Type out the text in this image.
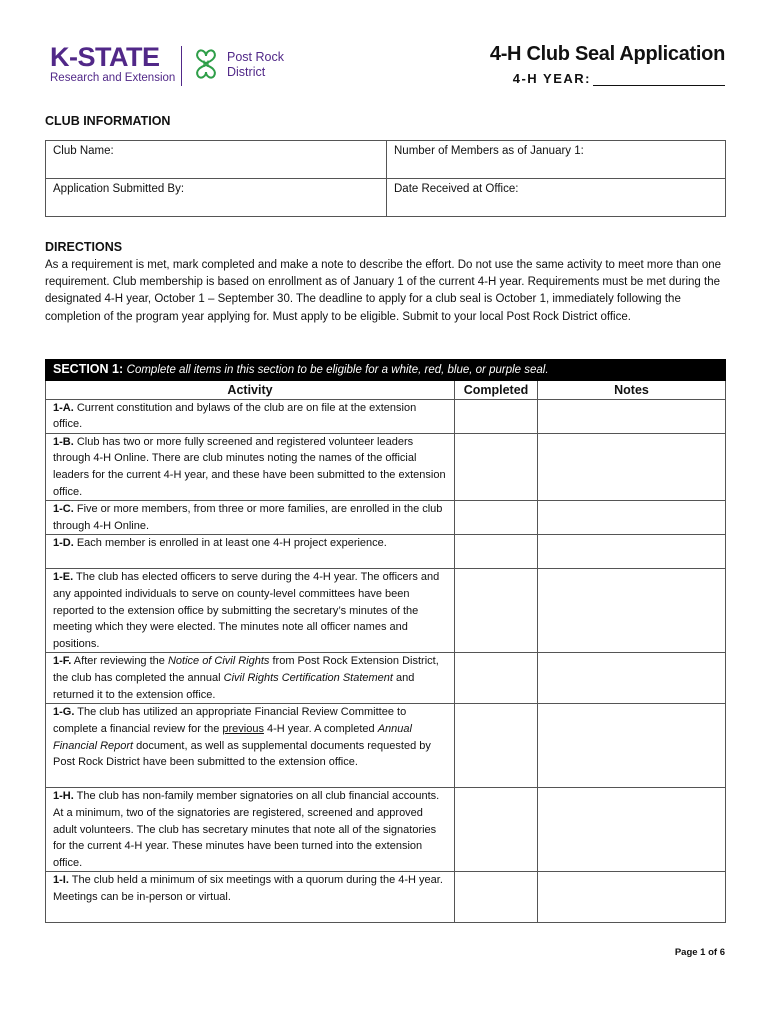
K-STATE
Research and Extension
H Post Rock
District
4-H Club Seal Application
4-H YEAR:
CLUB INFORMATION
Club Name:	Number of Members as of January 1:
Application Submitted By:	Date Received at Office:
DIRECTIONS
As a requirement is met, mark completed and make a note to describe the effort. Do not use the same activity to meet more than one requirement. Club membership is based on enrollment as of January 1 of the current 4-H year. Requirements must be met during the designated 4-H year, October 1 – September 30. The deadline to apply for a club seal is October 1, immediately following the completion of the program year applying for. Must apply to be eligible. Submit to your local Post Rock District office.
SECTION 1: Complete all items in this section to be eligible for a white, red, blue, or purple seal.		
Activity	Completed	Notes
1-A. Current constitution and bylaws of the club are on file at the extension office.		
1-B. Club has two or more fully screened and registered volunteer leaders through 4-H Online. There are club minutes noting the names of the official leaders for the current 4-H year, and these have been submitted to the extension office.		
1-C. Five or more members, from three or more families, are enrolled in the club through 4-H Online.		
1-D. Each member is enrolled in at least one 4-H project experience.		
1-E. The club has elected officers to serve during the 4-H year. The officers and any appointed individuals to serve on county-level committees have been reported to the extension office by submitting the secretary’s minutes of the meeting which they were elected. The minutes note all officer names and positions.		
1-F. After reviewing the Notice of Civil Rights from Post Rock Extension District, the club has completed the annual Civil Rights Certification Statement and returned it to the extension office.		
1-G. The club has utilized an appropriate Financial Review Committee to complete a financial review for the previous 4-H year. A completed Annual Financial Report document, as well as supplemental documents requested by Post Rock District have been submitted to the extension office.		
1-H. The club has non-family member signatories on all club financial accounts. At a minimum, two of the signatories are registered, screened and approved adult volunteers. The club has secretary minutes that note all of the signatories for the current 4-H year. These minutes have been turned into the extension office.		
1-I. The club held a minimum of six meetings with a quorum during the 4-H year. Meetings can be in-person or virtual.		
Page 1 of 6
